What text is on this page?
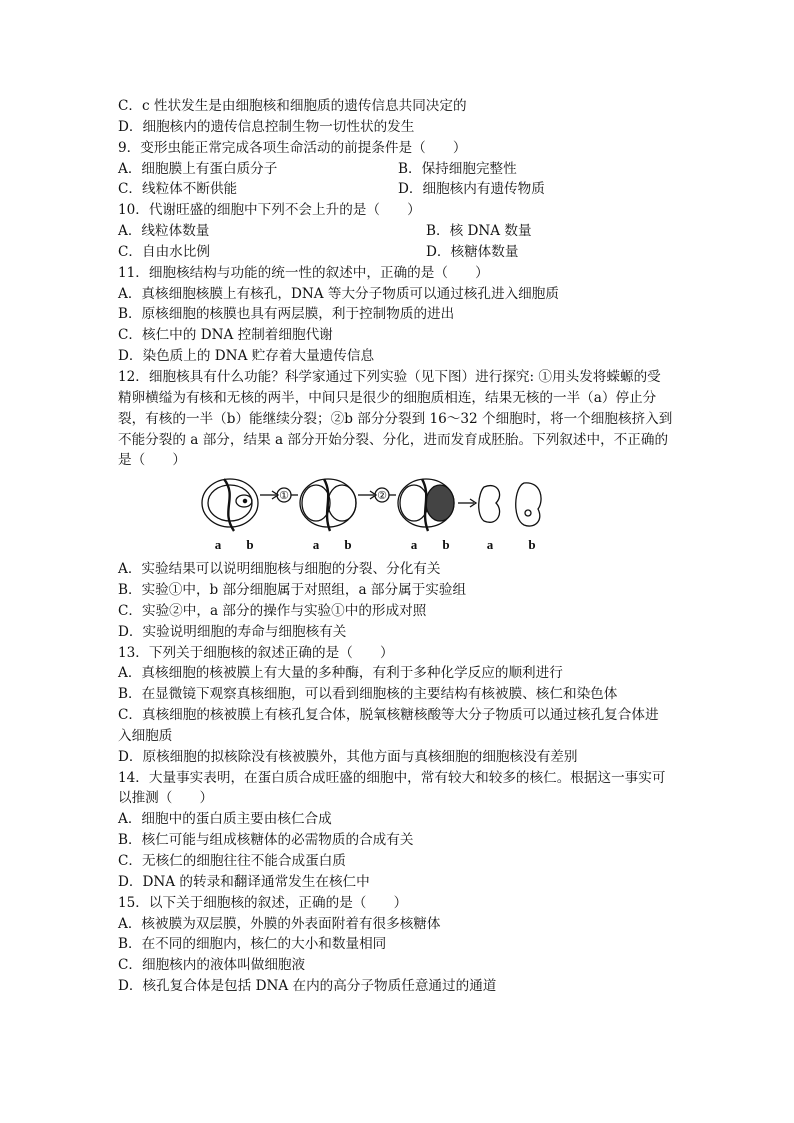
C．c 性状发生是由细胞核和细胞质的遗传信息共同决定的
D．细胞核内的遗传信息控制生物一切性状的发生
9．变形虫能正常完成各项生命活动的前提条件是（　　）
A．细胞膜上有蛋白质分子	B．保持细胞完整性
C．线粒体不断供能	D．细胞核内有遗传物质
10．代谢旺盛的细胞中下列不会上升的是（　　）
A．线粒体数量	B．核 DNA 数量
C．自由水比例	D．核糖体数量
11．细胞核结构与功能的统一性的叙述中，正确的是（　　）
A．真核细胞核膜上有核孔，DNA 等大分子物质可以通过核孔进入细胞质
B．原核细胞的核膜也具有两层膜，利于控制物质的进出
C．核仁中的 DNA 控制着细胞代谢
D．染色质上的 DNA 贮存着大量遗传信息
12．细胞核具有什么功能？科学家通过下列实验（见下图）进行探究: ①用头发将蝾螈的受
精卵横缢为有核和无核的两半，中间只是很少的细胞质相连，结果无核的一半（a）停止分
裂，有核的一半（b）能继续分裂；②b 部分分裂到 16～32 个细胞时，将一个细胞核挤入到
不能分裂的 a 部分，结果 a 部分开始分裂、分化，进而发育成胚胎。下列叙述中，不正确的
是（　　）
①	②
a b	a b	a b	a	b
A．实验结果可以说明细胞核与细胞的分裂、分化有关
B．实验①中，b 部分细胞属于对照组，a 部分属于实验组
C．实验②中，a 部分的操作与实验①中的形成对照
D．实验说明细胞的寿命与细胞核有关
13．下列关于细胞核的叙述正确的是（　　）
A．真核细胞的核被膜上有大量的多种酶，有利于多种化学反应的顺利进行
B．在显微镜下观察真核细胞，可以看到细胞核的主要结构有核被膜、核仁和染色体
C．真核细胞的核被膜上有核孔复合体，脱氧核糖核酸等大分子物质可以通过核孔复合体进
入细胞质
D．原核细胞的拟核除没有核被膜外，其他方面与真核细胞的细胞核没有差别
14．大量事实表明，在蛋白质合成旺盛的细胞中，常有较大和较多的核仁。根据这一事实可
以推测（　　）
A．细胞中的蛋白质主要由核仁合成
B．核仁可能与组成核糖体的必需物质的合成有关
C．无核仁的细胞往往不能合成蛋白质
D．DNA 的转录和翻译通常发生在核仁中
15．以下关于细胞核的叙述，正确的是（　　）
A．核被膜为双层膜，外膜的外表面附着有很多核糖体
B．在不同的细胞内，核仁的大小和数量相同
C．细胞核内的液体叫做细胞液
D．核孔复合体是包括 DNA 在内的高分子物质任意通过的通道
